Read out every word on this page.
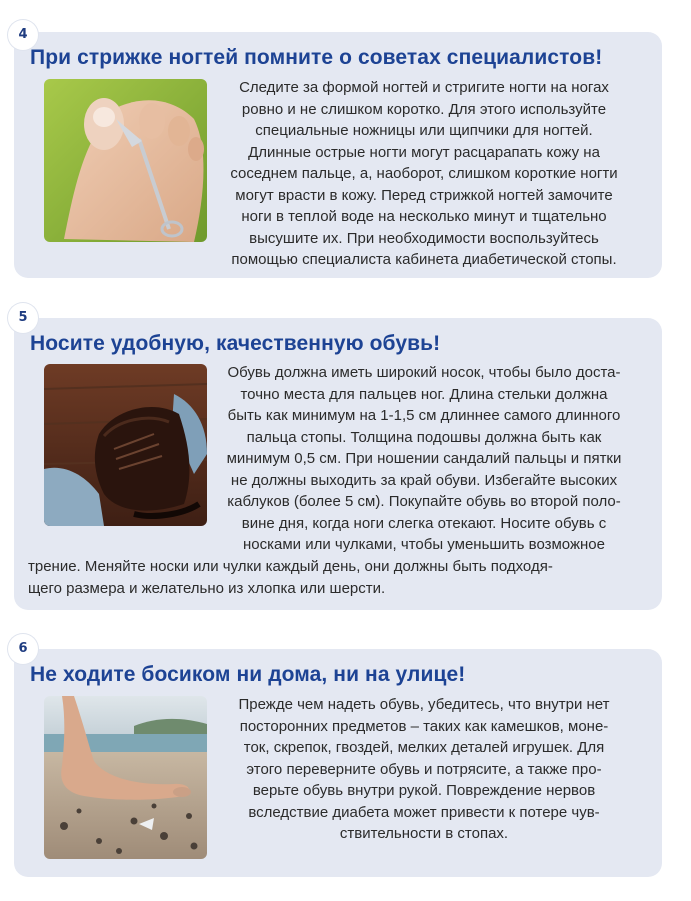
Следите за формой ногтей и стригите ногти на ногах
ровно и не слишком коротко. Для этого используйте
специальные ножницы или щипчики для ногтей.
Длинные острые ногти могут расцарапать кожу на
соседнем пальце, а, наоборот, слишком короткие ногти
могут врасти в кожу. Перед стрижкой ногтей замочите
ноги в теплой воде на несколько минут и тщательно
высушите их. При необходимости воспользуйтесь
помощью специалиста кабинета диабетической стопы.
4
При стрижке ногтей помните о советах специалистов!
Обувь должна иметь широкий носок, чтобы было доста-
точно места для пальцев ног. Длина стельки должна
быть как минимум на 1-1,5 см длиннее самого длинного
пальца стопы. Толщина подошвы должна быть как
минимум 0,5 см. При ношении сандалий пальцы и пятки
не должны выходить за край обуви. Избегайте высоких
каблуков (более 5 см). Покупайте обувь во второй поло-
вине дня, когда ноги слегка отекают. Носите обувь с
носками или чулками, чтобы уменьшить возможное
трение. Меняйте носки или чулки каждый день, они должны быть подходя-
щего размера и желательно из хлопка или шерсти.
5
Носите удобную, качественную обувь!
Прежде чем надеть обувь, убедитесь, что внутри нет
посторонних предметов – таких как камешков, моне-
ток, скрепок, гвоздей, мелких деталей игрушек. Для
этого переверните обувь и потрясите, а также про-
верьте обувь внутри рукой. Повреждение нервов
вследствие диабета может привести к потере чув-
ствительности в стопах.
6
Не ходите босиком ни дома, ни на улице!
